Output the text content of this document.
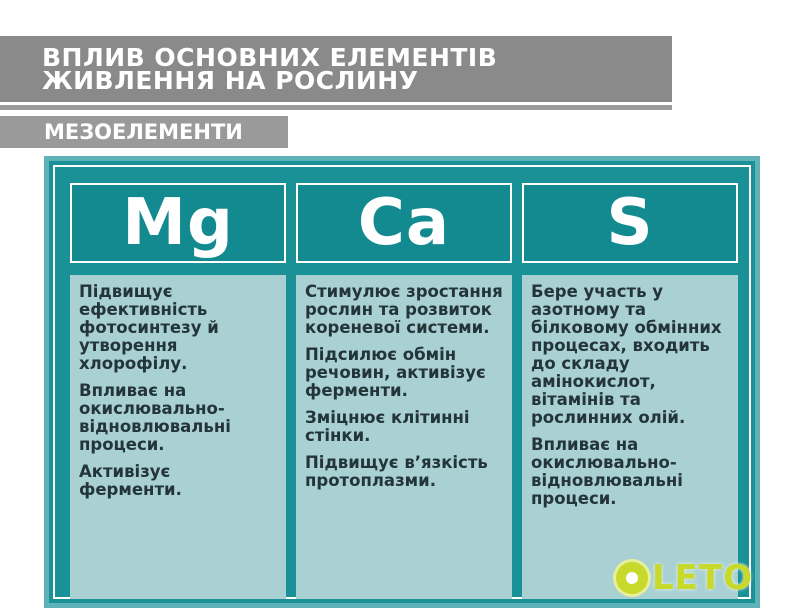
ВПЛИВ ОСНОВНИХ ЕЛЕМЕНТІВ ЖИВЛЕННЯ НА РОСЛИНУ
МЕЗОЕЛЕМЕНТИ
Mg

Підвищує ефективність фотосинтезу й утворення хлорофілу.

Впливає на окислювально-відновлювальні процеси.

Активізує ферменти.

Ca

Стимулює зростання рослин та розвиток кореневої системи.

Підсилює обмін речовин, активізує ферменти.

Зміцнює клітинні стінки.

Підвищує в’язкість протоплазми.

S

Бере участь у азотному та білковому обмінних процесах, входить до складу амінокислот, вітамінів та рослинних олій.

Впливає на окислювально-відновлювальні процеси.

LETO
